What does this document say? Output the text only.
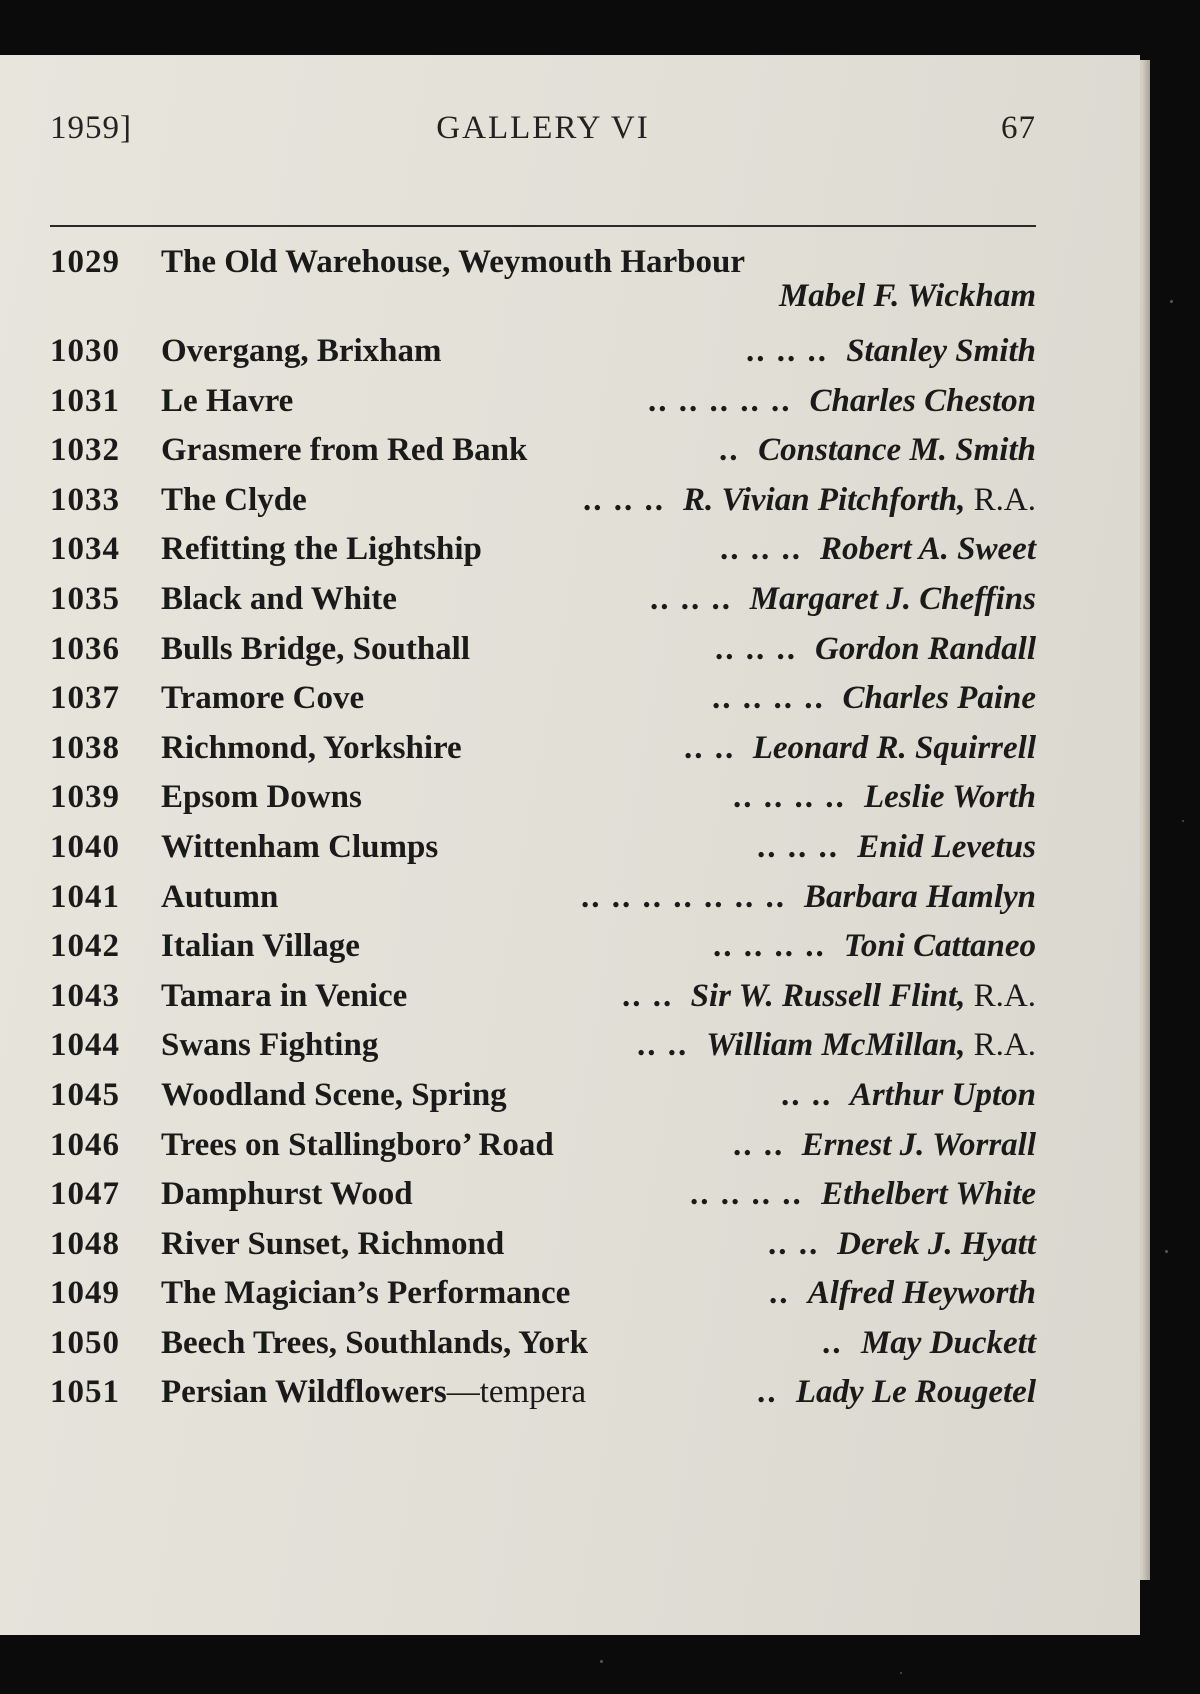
1959]	GALLERY VI	67
1029 The Old Warehouse, Weymouth Harbour
Mabel F. Wickham
1030 Overgang, Brixham	Stanley Smith
.. .. ..
1031 Le Havre	Charles Cheston
.. .. .. .. ..
1032 Grasmere from Red Bank	Constance M. Smith
..
1033 The Clyde	R. Vivian Pitchforth, R.A.
.. .. ..
1034 Refitting the Lightship	Robert A. Sweet
.. .. ..
1035 Black and White	Margaret J. Cheffins
.. .. ..
1036 Bulls Bridge, Southall	Gordon Randall
.. .. ..
1037 Tramore Cove	Charles Paine
.. .. .. ..
1038 Richmond, Yorkshire	Leonard R. Squirrell
.. ..
1039 Epsom Downs	Leslie Worth
.. .. .. ..
1040 Wittenham Clumps	Enid Levetus
.. .. ..
1041 Autumn	Barbara Hamlyn
.. .. .. .. .. .. ..
1042 Italian Village	Toni Cattaneo
.. .. .. ..
1043 Tamara in Venice	Sir W. Russell Flint, R.A.
.. ..
1044 Swans Fighting	William McMillan, R.A.
.. ..
1045 Woodland Scene, Spring	Arthur Upton
.. ..
1046 Trees on Stallingboro’ Road	Ernest J. Worrall
.. ..
1047 Damphurst Wood	Ethelbert White
.. .. .. ..
1048 River Sunset, Richmond	Derek J. Hyatt
.. ..
1049 The Magician’s Performance	Alfred Heyworth
..
1050 Beech Trees, Southlands, York	May Duckett
..
1051 Persian Wildflowers—tempera	Lady Le Rougetel
..
